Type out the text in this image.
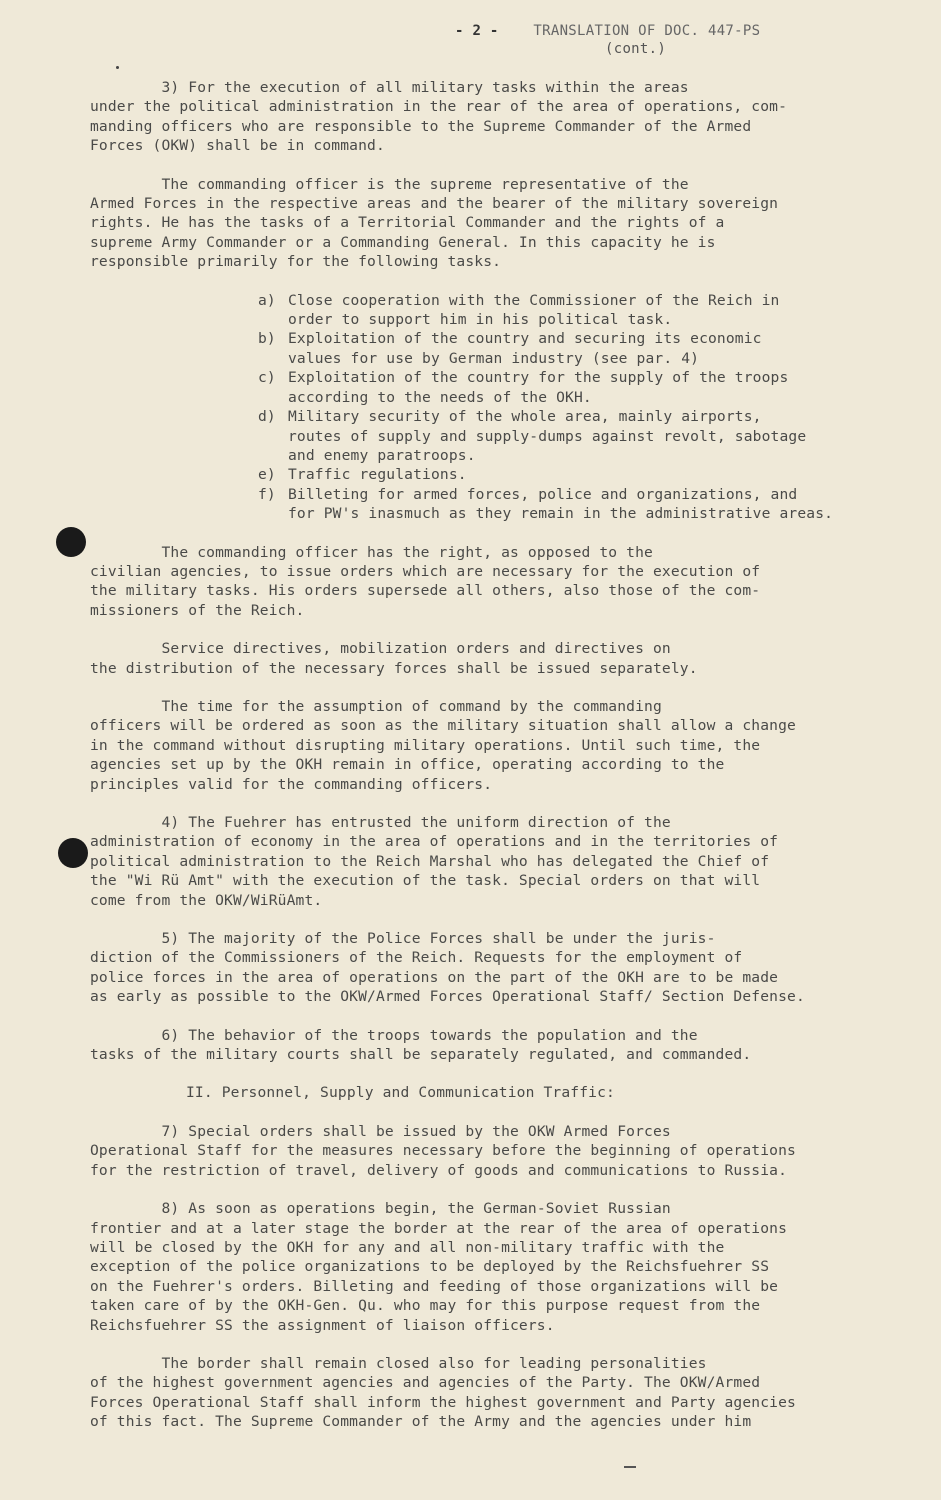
- 2 - TRANSLATION OF DOC. 447-PS
(cont.)

3) For the execution of all military tasks within the areas
under the political administration in the rear of the area of operations, com-
manding officers who are responsible to the Supreme Commander of the Armed
Forces (OKW) shall be in command.

The commanding officer is the supreme representative of the
Armed Forces in the respective areas and the bearer of the military sovereign
rights. He has the tasks of a Territorial Commander and the rights of a
supreme Army Commander or a Commanding General. In this capacity he is
responsible primarily for the following tasks.

a) Close cooperation with the Commissioner of the Reich in
order to support him in his political task.
b) Exploitation of the country and securing its economic
values for use by German industry (see par. 4)
c) Exploitation of the country for the supply of the troops
according to the needs of the OKH.
d) Military security of the whole area, mainly airports,
routes of supply and supply-dumps against revolt, sabotage
and enemy paratroops.
e) Traffic regulations.
f) Billeting for armed forces, police and organizations, and
for PW's inasmuch as they remain in the administrative areas.

The commanding officer has the right, as opposed to the
civilian agencies, to issue orders which are necessary for the execution of
the military tasks. His orders supersede all others, also those of the com-
missioners of the Reich.

Service directives, mobilization orders and directives on
the distribution of the necessary forces shall be issued separately.

The time for the assumption of command by the commanding
officers will be ordered as soon as the military situation shall allow a change
in the command without disrupting military operations. Until such time, the
agencies set up by the OKH remain in office, operating according to the
principles valid for the commanding officers.

4) The Fuehrer has entrusted the uniform direction of the
administration of economy in the area of operations and in the territories of
political administration to the Reich Marshal who has delegated the Chief of
the "Wi Rü Amt" with the execution of the task. Special orders on that will
come from the OKW/WiRüAmt.

5) The majority of the Police Forces shall be under the juris-
diction of the Commissioners of the Reich. Requests for the employment of
police forces in the area of operations on the part of the OKH are to be made
as early as possible to the OKW/Armed Forces Operational Staff/ Section Defense.

6) The behavior of the troops towards the population and the
tasks of the military courts shall be separately regulated, and commanded.

II. Personnel, Supply and Communication Traffic:

7) Special orders shall be issued by the OKW Armed Forces
Operational Staff for the measures necessary before the beginning of operations
for the restriction of travel, delivery of goods and communications to Russia.

8) As soon as operations begin, the German-Soviet Russian
frontier and at a later stage the border at the rear of the area of operations
will be closed by the OKH for any and all non-military traffic with the
exception of the police organizations to be deployed by the Reichsfuehrer SS
on the Fuehrer's orders. Billeting and feeding of those organizations will be
taken care of by the OKH-Gen. Qu. who may for this purpose request from the
Reichsfuehrer SS the assignment of liaison officers.

The border shall remain closed also for leading personalities
of the highest government agencies and agencies of the Party. The OKW/Armed
Forces Operational Staff shall inform the highest government and Party agencies
of this fact. The Supreme Commander of the Army and the agencies under him
